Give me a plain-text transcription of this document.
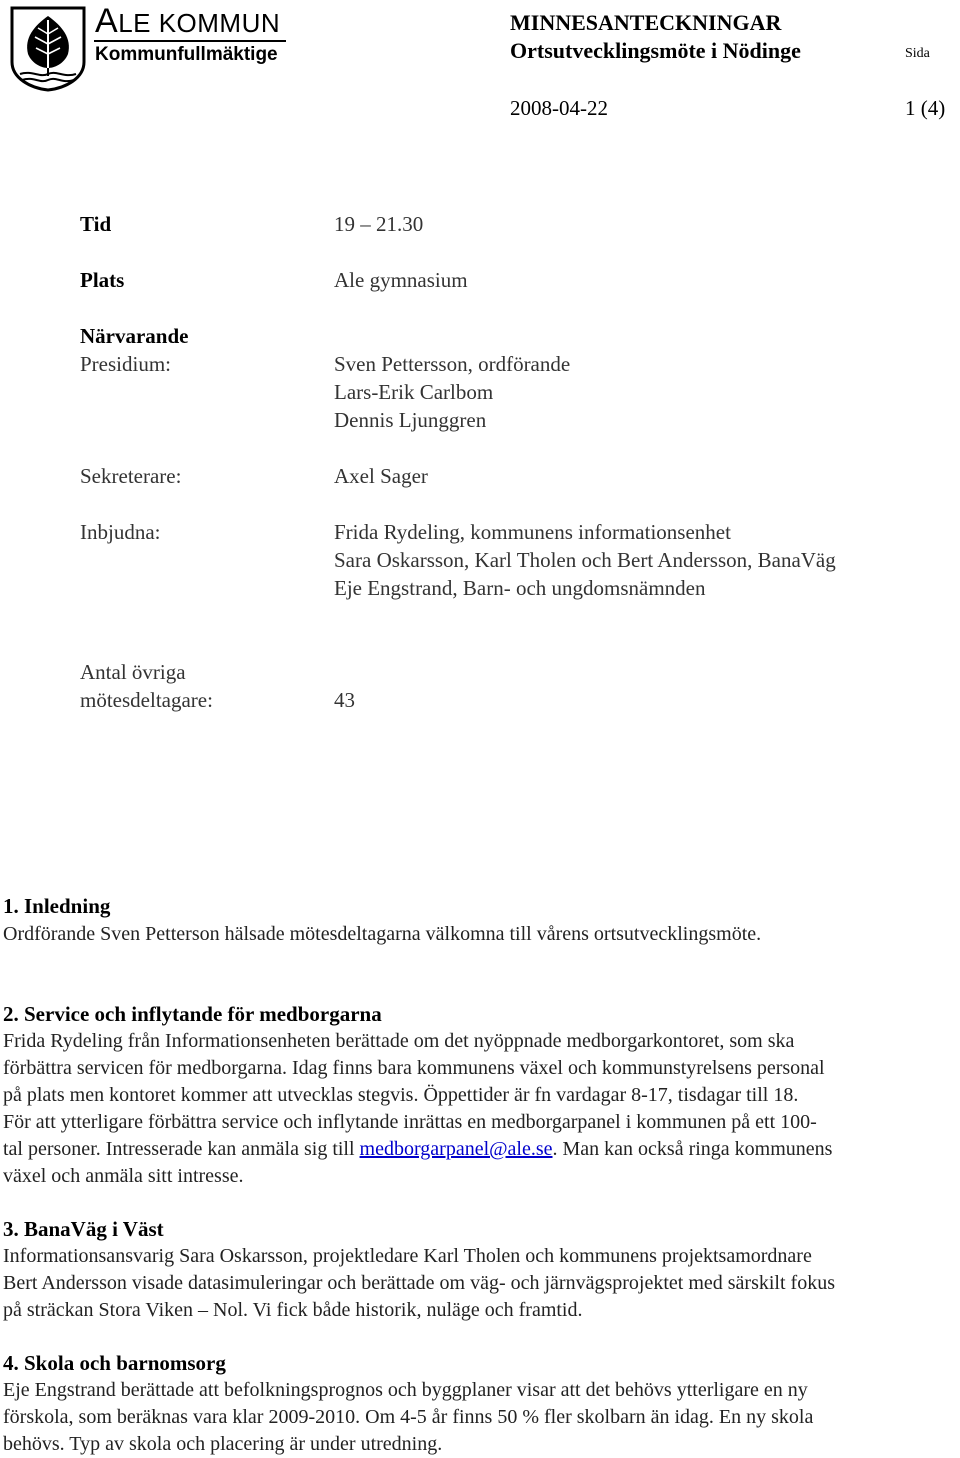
ALE KOMMUN
Kommunfullmäktige
MINNESANTECKNINGAR
Ortsutvecklingsmöte i Nödinge	Sida
2008-04-22	1 (4)
Tid	19 – 21.30
Plats	Ale gymnasium
Närvarande
Presidium:	Sven Pettersson, ordförande
Lars-Erik Carlbom
Dennis Ljunggren
Sekreterare:	Axel Sager
Inbjudna:	Frida Rydeling, kommunens informationsenhet
Sara Oskarsson, Karl Tholen och Bert Andersson, BanaVäg
Eje Engstrand, Barn- och ungdomsnämnden
Antal övriga
mötesdeltagare:	43
1. Inledning
Ordförande Sven Petterson hälsade mötesdeltagarna välkomna till vårens ortsutvecklingsmöte.
2. Service och inflytande för medborgarna
Frida Rydeling från Informationsenheten berättade om det nyöppnade medborgarkontoret, som ska
förbättra servicen för medborgarna. Idag finns bara kommunens växel och kommunstyrelsens personal
på plats men kontoret kommer att utvecklas stegvis. Öppettider är fn vardagar 8-17, tisdagar till 18.
För att ytterligare förbättra service och inflytande inrättas en medborgarpanel i kommunen på ett 100-
tal personer. Intresserade kan anmäla sig till medborgarpanel@ale.se. Man kan också ringa kommunens
växel och anmäla sitt intresse.
3. BanaVäg i Väst
Informationsansvarig Sara Oskarsson, projektledare Karl Tholen och kommunens projektsamordnare
Bert Andersson visade datasimuleringar och berättade om väg- och järnvägsprojektet med särskilt fokus
på sträckan Stora Viken – Nol. Vi fick både historik, nuläge och framtid.
4. Skola och barnomsorg
Eje Engstrand berättade att befolkningsprognos och byggplaner visar att det behövs ytterligare en ny
förskola, som beräknas vara klar 2009-2010. Om 4-5 år finns 50 % fler skolbarn än idag. En ny skola
behövs. Typ av skola och placering är under utredning.
